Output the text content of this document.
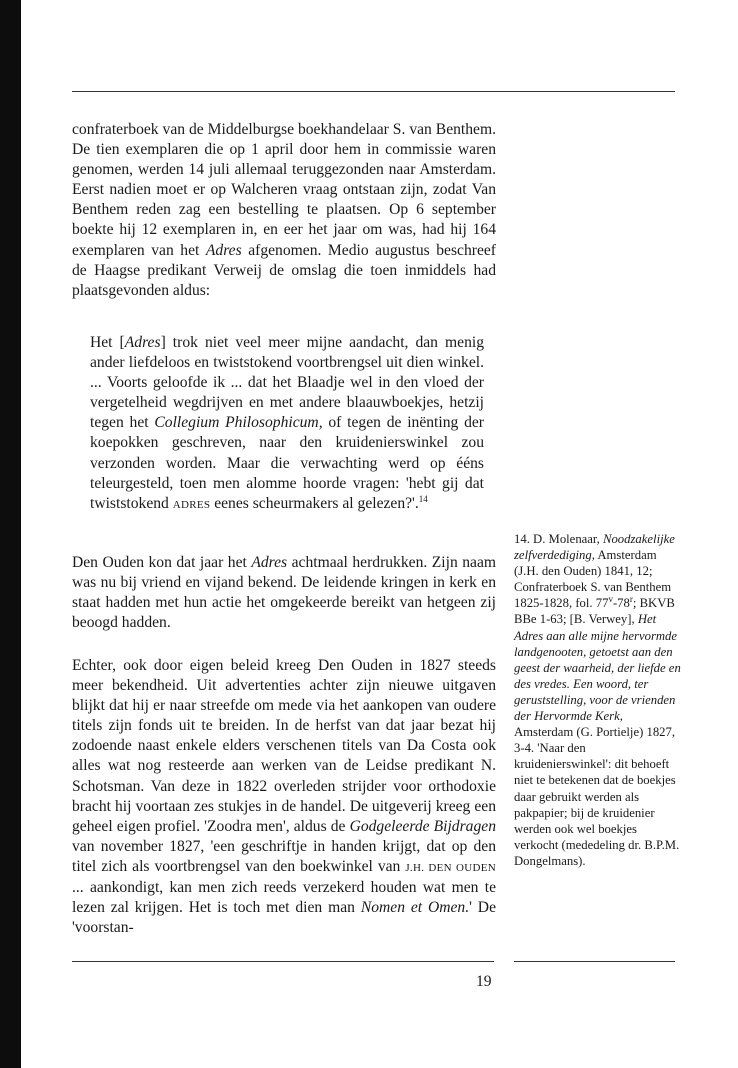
confraterboek van de Middelburgse boekhandelaar S. van Benthem. De tien exemplaren die op 1 april door hem in commissie waren genomen, werden 14 juli allemaal teruggezonden naar Amsterdam. Eerst nadien moet er op Walcheren vraag ontstaan zijn, zodat Van Benthem reden zag een bestelling te plaatsen. Op 6 september boekte hij 12 exemplaren in, en eer het jaar om was, had hij 164 exemplaren van het Adres afgenomen. Medio augustus beschreef de Haagse predikant Verweij de omslag die toen inmiddels had plaatsgevonden aldus:

Het [Adres] trok niet veel meer mijne aandacht, dan menig ander liefdeloos en twiststokend voortbrengsel uit dien winkel. ... Voorts geloofde ik ... dat het Blaadje wel in den vloed der vergetelheid wegdrijven en met andere blaauwboekjes, hetzij tegen het Collegium Philosophicum, of tegen de inënting der koepokken geschreven, naar den kruidenierswinkel zou verzonden worden. Maar die verwachting werd op ééns teleurgesteld, toen men alomme hoorde vragen: 'hebt gij dat twiststokend ADRES eenes scheurmakers al gelezen?'.$^{14}$

Den Ouden kon dat jaar het Adres achtmaal herdrukken. Zijn naam was nu bij vriend en vijand bekend. De leidende kringen in kerk en staat hadden met hun actie het omgekeerde bereikt van hetgeen zij beoogd hadden.

Echter, ook door eigen beleid kreeg Den Ouden in 1827 steeds meer bekendheid. Uit advertenties achter zijn nieuwe uitgaven blijkt dat hij er naar streefde om mede via het aankopen van oudere titels zijn fonds uit te breiden. In de herfst van dat jaar bezat hij zodoende naast enkele elders verschenen titels van Da Costa ook alles wat nog resteerde aan werken van de Leidse predikant N. Schotsman. Van deze in 1822 overleden strijder voor orthodoxie bracht hij voortaan zes stukjes in de handel. De uitgeverij kreeg een geheel eigen profiel. 'Zoodra men', aldus de Godgeleerde Bijdragen van november 1827, 'een geschriftje in handen krijgt, dat op den titel zich als voortbrengsel van den boekwinkel van J.H. DEN OUDEN ... aankondigt, kan men zich reeds verzekerd houden wat men te lezen zal krijgen. Het is toch met dien man Nomen et Omen.' De 'voorstan-

14. D. Molenaar, Noodzakelijke zelfverdediging, Amsterdam (J.H. den Ouden) 1841, 12; Confraterboek S. van Benthem 1825-1828, fol. 77$^v$-78$^r$; BKVB BBe 1-63; [B. Verwey], Het Adres aan alle mijne hervormde landgenooten, getoetst aan den geest der waarheid, der liefde en des vredes. Een woord, ter geruststelling, voor de vrienden der Hervormde Kerk, Amsterdam (G. Portielje) 1827, 3-4. 'Naar den kruidenierswinkel': dit behoeft niet te betekenen dat de boekjes daar gebruikt werden als pakpapier; bij de kruidenier werden ook wel boekjes verkocht (mededeling dr. B.P.M. Dongelmans).
19
